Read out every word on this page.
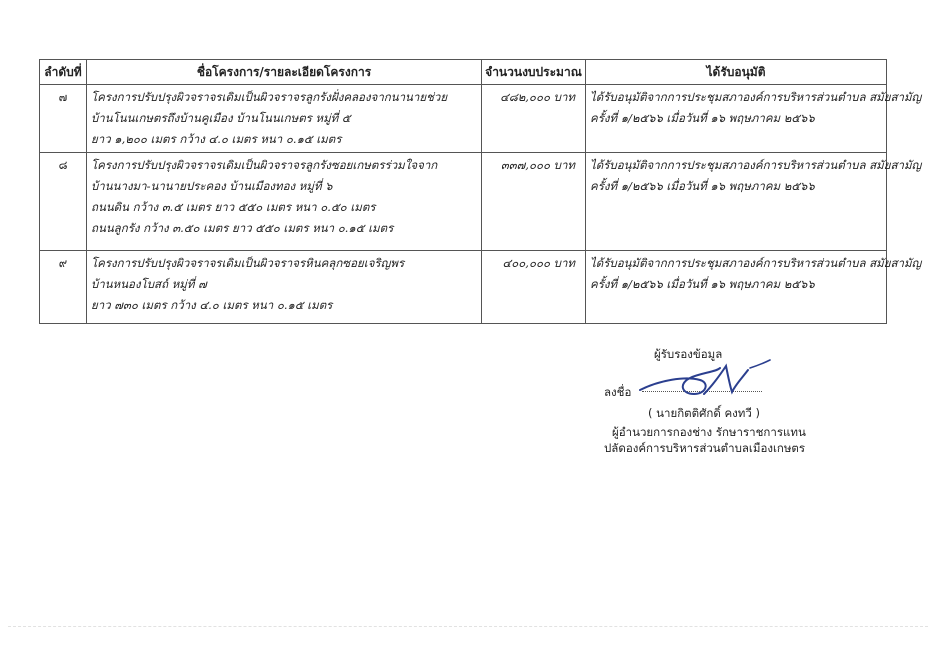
ลำดับที่	ชื่อโครงการ/รายละเอียดโครงการ	จำนวนงบประมาณ	ได้รับอนุมัติ
๗	โครงการปรับปรุงผิวจราจรเดิมเป็นผิวจราจรลูกรังฝั่งคลองจากนานายช่วย
บ้านโนนเกษตรถึงบ้านคูเมือง บ้านโนนเกษตร หมู่ที่ ๕
ยาว ๑,๒๐๐ เมตร กว้าง ๔.๐ เมตร หนา ๐.๑๕ เมตร	๔๘๒,๐๐๐ บาท	ได้รับอนุมัติจากการประชุมสภาองค์การบริหารส่วนตำบล สมัยสามัญ
ครั้งที่ ๑/๒๕๖๖ เมื่อวันที่ ๑๖ พฤษภาคม ๒๕๖๖

๘	โครงการปรับปรุงผิวจราจรเดิมเป็นผิวจราจรลูกรังซอยเกษตรร่วมใจจาก
บ้านนางมา-นานายประคอง บ้านเมืองทอง หมู่ที่ ๖
ถนนดิน กว้าง ๓.๕ เมตร ยาว ๕๕๐ เมตร หนา ๐.๕๐ เมตร
ถนนลูกรัง กว้าง ๓.๕๐ เมตร ยาว ๕๕๐ เมตร หนา ๐.๑๕ เมตร	๓๓๗,๐๐๐ บาท	ได้รับอนุมัติจากการประชุมสภาองค์การบริหารส่วนตำบล สมัยสามัญ
ครั้งที่ ๑/๒๕๖๖ เมื่อวันที่ ๑๖ พฤษภาคม ๒๕๖๖

๙	โครงการปรับปรุงผิวจราจรเดิมเป็นผิวจราจรหินคลุกซอยเจริญพร
บ้านหนองโบสถ์ หมู่ที่ ๗
ยาว ๗๓๐ เมตร กว้าง ๔.๐ เมตร หนา ๐.๑๕ เมตร	๔๐๐,๐๐๐ บาท	ได้รับอนุมัติจากการประชุมสภาองค์การบริหารส่วนตำบล สมัยสามัญ
ครั้งที่ ๑/๒๕๖๖ เมื่อวันที่ ๑๖ พฤษภาคม ๒๕๖๖
ผู้รับรองข้อมูล
ลงชื่อ
( นายกิตติศักดิ์ คงทวี )
ผู้อำนวยการกองช่าง รักษาราชการแทน
ปลัดองค์การบริหารส่วนตำบลเมืองเกษตร
